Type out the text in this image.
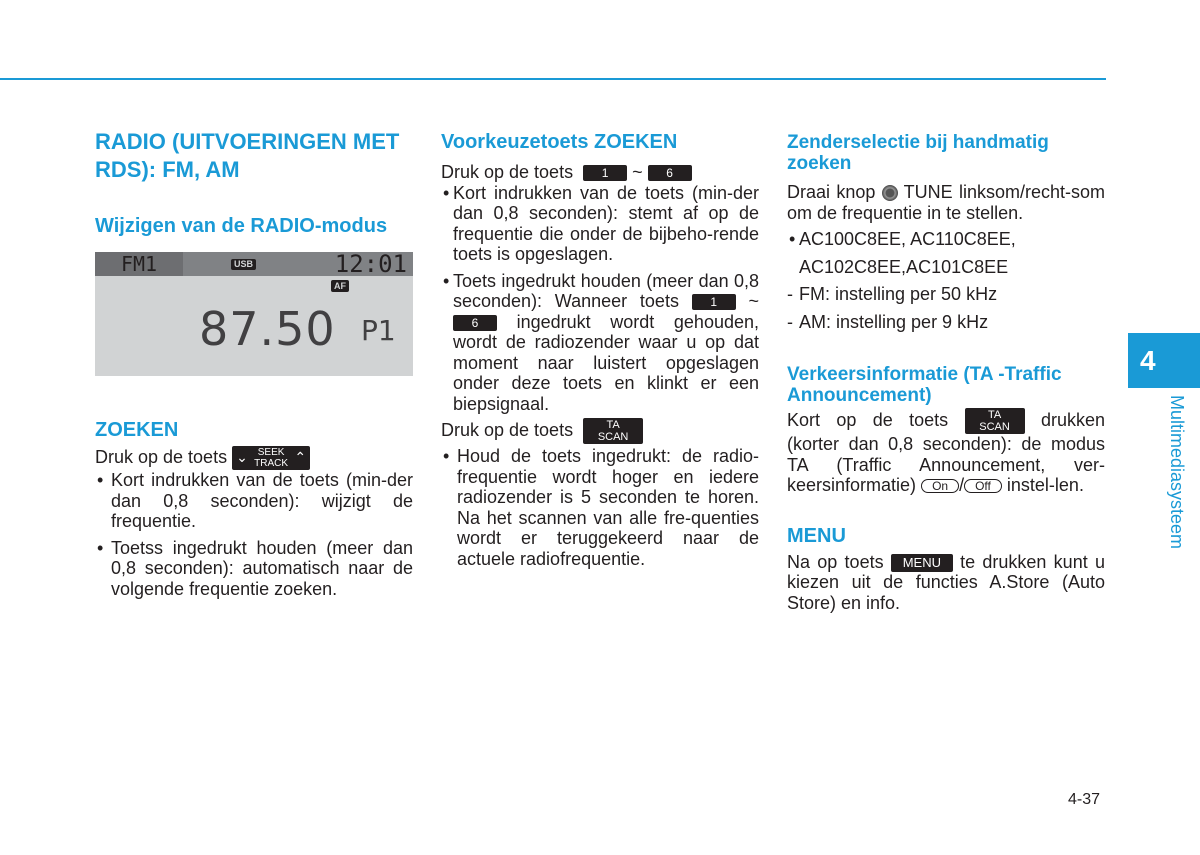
RADIO (UITVOERINGEN MET RDS): FM, AM
Wijzigen van de RADIO-modus
FM1	USB	12:01
AF
87.50 P1
ZOEKEN

Druk op de toets ⌄ SEEK
TRACK ⌃

• Kort indrukken van de toets (min-der dan 0,8 seconden): wijzigt de frequentie.

• Toetss ingedrukt houden (meer dan 0,8 seconden): automatisch naar de volgende frequentie zoeken.

Voorkeuzetoets ZOEKEN

Druk op de toets 1 ~ 6

• Kort indrukken van de toets (min-der dan 0,8 seconden): stemt af op de frequentie die onder de bijbeho-rende toets is opgeslagen.

• Toets ingedrukt houden (meer dan 0,8 seconden): Wanneer toets	1 ~ 6 ingedrukt wordt gehouden, wordt de radiozender waar u op dat moment naar luistert opgeslagen onder deze toets en klinkt er een biepsignaal.

Druk op de toets	TA
SCAN

• Houd de toets ingedrukt: de radio-frequentie wordt hoger en iedere radiozender is 5 seconden te horen. Na het scannen van alle fre-quenties wordt er teruggekeerd naar de actuele radiofrequentie.

Zenderselectie bij handmatig zoeken

Draai knop TUNE linksom/recht-som om de frequentie in te stellen.

• AC100C8EE, AC110C8EE,

AC102C8EE,AC101C8EE

- FM: instelling per 50 kHz

- AM: instelling per 9 kHz

Verkeersinformatie (TA -Traffic Announcement)

Kort op de toets	TA
SCAN drukken (korter dan 0,8 seconden): de modus TA (Traffic Announcement, ver-keersinformatie) On / Off instel-len.

MENU

Na op toets MENU te drukken kunt u kiezen uit de functies A.Store (Auto Store) en info.

4
Multimediasysteem
4-37
